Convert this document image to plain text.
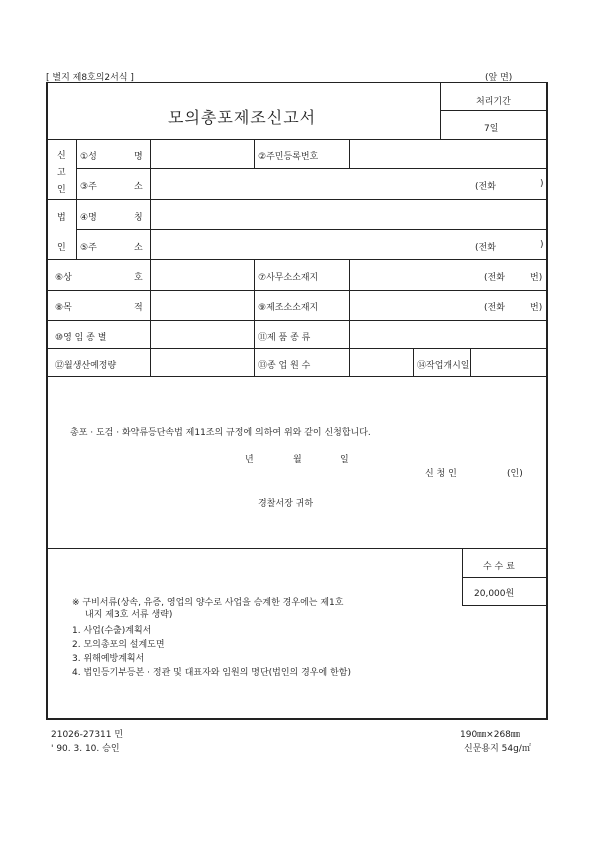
[ 별지 제8호의2서식 ]	(앞 면)
모의총포제조신고서
처리기간
7일
신
고
인
①성	명	②주민등록번호
③주	소	(전화	)
법
인
④명	칭
⑤주	소	(전화	)
⑥상	호	⑦사무소소재지	(전화	번)
⑧목	적	⑨제조소소재지	(전화	번)
⑩영 임 종 별	⑪제 품 종 류
⑫월생산예정량	⑬종 업 원 수	⑭작업개시일
총포 · 도검 · 화약류등단속법 제11조의 규정에 의하여 위와 같이 신청합니다.
년	월	일
신 청 인	(인)
경찰서장 귀하
수 수 료
20,000원
※ 구비서류(상속, 유증, 영업의 양수로 사업을 승계한 경우에는 제1호
내지 제3호 서류 생략)
1. 사업(수출)계획서
2. 모의총포의 설계도면
3. 위해예방계획서
4. 법인등기부등본 · 정관 및 대표자와 임원의 명단(법인의 경우에 한함)
21026-27311 민
' 90. 3. 10. 승인
190㎜×268㎜
신문용지 54g/㎡
